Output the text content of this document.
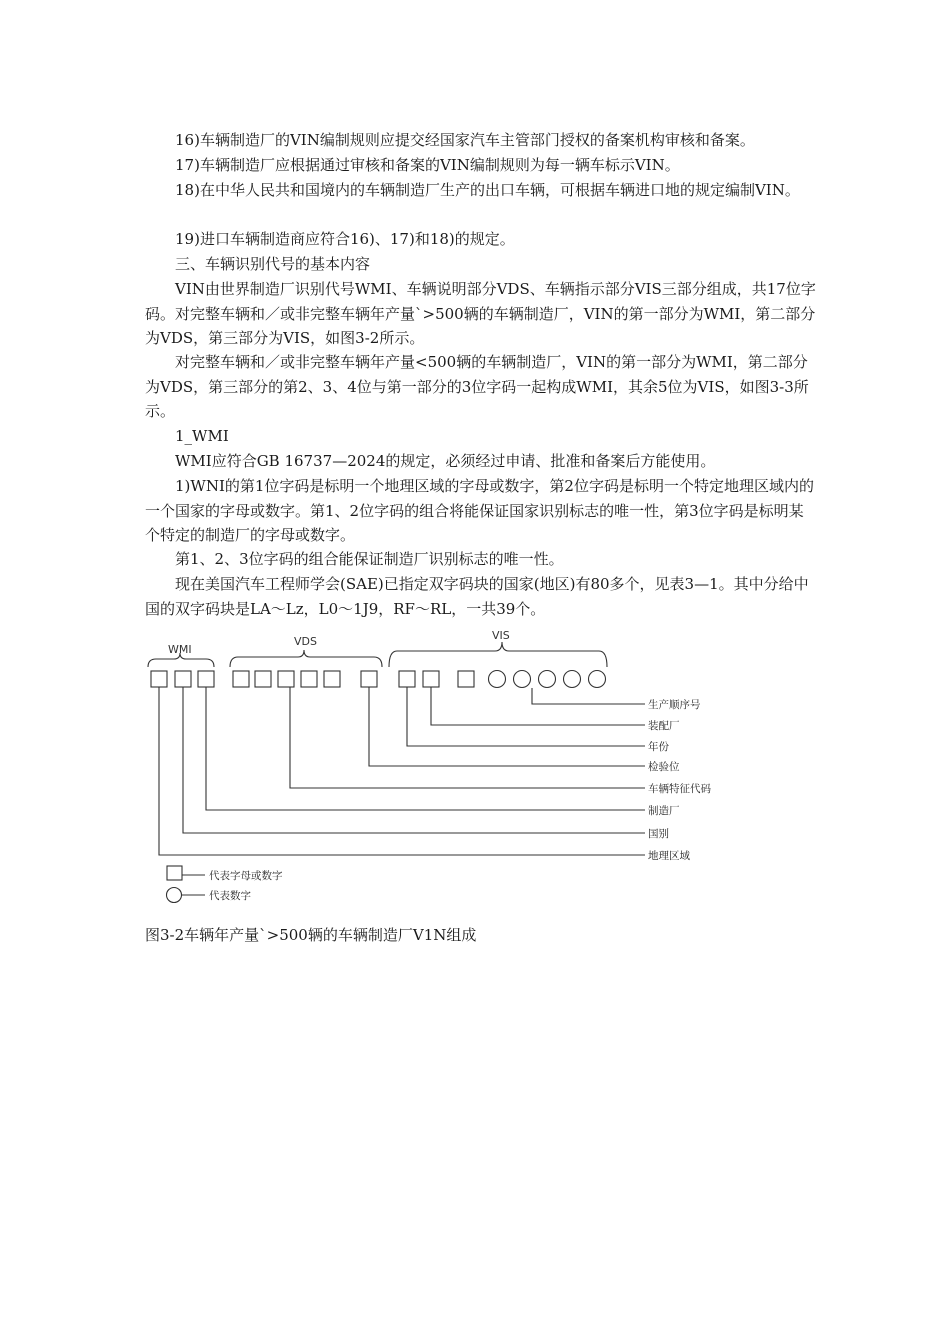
16)车辆制造厂的VIN编制规则应提交经国家汽车主管部门授权的备案机构审核和备案。

17)车辆制造厂应根据通过审核和备案的VIN编制规则为每一辆车标示VIN。

18)在中华人民共和国境内的车辆制造厂生产的出口车辆，可根据车辆进口地的规定编制VIN。

19)进口车辆制造商应符合16)、17)和18)的规定。

三、车辆识别代号的基本内容

VIN由世界制造厂识别代号WMI、车辆说明部分VDS、车辆指示部分VIS三部分组成，共17位字码。对完整车辆和／或非完整车辆年产量`>500辆的车辆制造厂，VIN的第一部分为WMI，第二部分为VDS，第三部分为VIS，如图3-2所示。

对完整车辆和／或非完整车辆年产量<500辆的车辆制造厂，VIN的第一部分为WMI，第二部分为VDS，第三部分的第2、3、4位与第一部分的3位字码一起构成WMI，其余5位为VIS，如图3-3所示。

1_WMI

WMI应符合GB 16737—2024的规定，必须经过申请、批准和备案后方能使用。

1)WNI的第1位字码是标明一个地理区域的字母或数字，第2位字码是标明一个特定地理区域内的一个国家的字母或数字。第1、2位字码的组合将能保证国家识别标志的唯一性，第3位字码是标明某个特定的制造厂的字母或数字。

第1、2、3位字码的组合能保证制造厂识别标志的唯一性。

现在美国汽车工程师学会(SAE)已指定双字码块的国家(地区)有80多个，见表3—1。其中分给中国的双字码块是LA～Lz，L0～1J9，RF～RL，一共39个。

WMI
VDS	VIS
生产顺序号
装配厂
年份
检验位
车辆特征代码
制造厂
国别
地理区域
代表字母或数字
代表数字
图3-2车辆年产量`>500辆的车辆制造厂V1N组成
